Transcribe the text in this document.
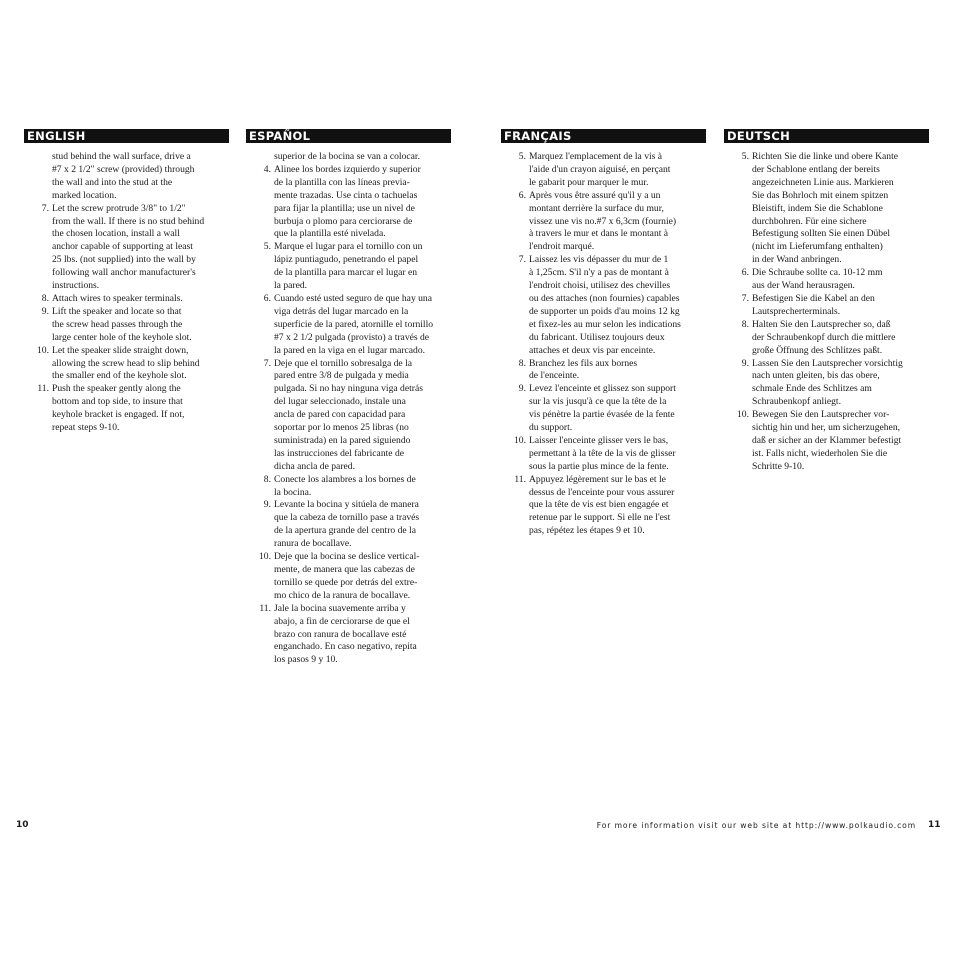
ENGLISH
stud behind the wall surface, drive a
#7 x 2 1/2" screw (provided) through
the wall and into the stud at the
marked location.
7. Let the screw protrude 3/8" to 1/2"
from the wall. If there is no stud behind
the chosen location, install a wall
anchor capable of supporting at least
25 lbs. (not supplied) into the wall by
following wall anchor manufacturer's
instructions.
8. Attach wires to speaker terminals.
9. Lift the speaker and locate so that
the screw head passes through the
large center hole of the keyhole slot.
10. Let the speaker slide straight down,
allowing the screw head to slip behind
the smaller end of the keyhole slot.
11. Push the speaker gently along the
bottom and top side, to insure that
keyhole bracket is engaged. If not,
repeat steps 9-10.
ESPAÑOL
superior de la bocina se van a colocar.
4. Alinee los bordes izquierdo y superior
de la plantilla con las líneas previa-
mente trazadas. Use cinta o tachuelas
para fijar la plantilla; use un nivel de
burbuja o plomo para cerciorarse de
que la plantilla esté nivelada.
5. Marque el lugar para el tornillo con un
lápiz puntiagudo, penetrando el papel
de la plantilla para marcar el lugar en
la pared.
6. Cuando esté usted seguro de que hay una
viga detrás del lugar marcado en la
superficie de la pared, atornille el tornillo
#7 x 2 1/2 pulgada (provisto) a través de
la pared en la viga en el lugar marcado.
7. Deje que el tornillo sobresalga de la
pared entre 3/8 de pulgada y media
pulgada. Si no hay ninguna viga detrás
del lugar seleccionado, instale una
ancla de pared con capacidad para
soportar por lo menos 25 libras (no
suministrada) en la pared siguiendo
las instrucciones del fabricante de
dicha ancla de pared.
8. Conecte los alambres a los bornes de
la bocina.
9. Levante la bocina y sitúela de manera
que la cabeza de tornillo pase a través
de la apertura grande del centro de la
ranura de bocallave.
10. Deje que la bocina se deslice vertical-
mente, de manera que las cabezas de
tornillo se quede por detrás del extre-
mo chico de la ranura de bocallave.
11. Jale la bocina suavemente arriba y
abajo, a fin de cerciorarse de que el
brazo con ranura de bocallave esté
enganchado. En caso negativo, repita
los pasos 9 y 10.
FRANÇAIS
5. Marquez l'emplacement de la vis à
l'aide d'un crayon aiguisé, en perçant
le gabarit pour marquer le mur.
6. Après vous être assuré qu'il y a un
montant derrière la surface du mur,
vissez une vis no.#7 x 6,3cm (fournie)
à travers le mur et dans le montant à
l'endroit marqué.
7. Laissez les vis dépasser du mur de 1
à 1,25cm. S'il n'y a pas de montant à
l'endroit choisi, utilisez des chevilles
ou des attaches (non fournies) capables
de supporter un poids d'au moins 12 kg
et fixez-les au mur selon les indications
du fabricant. Utilisez toujours deux
attaches et deux vis par enceinte.
8. Branchez les fils aux bornes
de l'enceinte.
9. Levez l'enceinte et glissez son support
sur la vis jusqu'à ce que la tête de la
vis pénètre la partie évasée de la fente
du support.
10. Laisser l'enceinte glisser vers le bas,
permettant à la tête de la vis de glisser
sous la partie plus mince de la fente.
11. Appuyez légèrement sur le bas et le
dessus de l'enceinte pour vous assurer
que la tête de vis est bien engagée et
retenue par le support. Si elle ne l'est
pas, répétez les étapes 9 et 10.
DEUTSCH
5. Richten Sie die linke und obere Kante
der Schablone entlang der bereits
angezeichneten Linie aus. Markieren
Sie das Bohrloch mit einem spitzen
Bleistift, indem Sie die Schablone
durchbohren. Für eine sichere
Befestigung sollten Sie einen Dübel
(nicht im Lieferumfang enthalten)
in der Wand anbringen.
6. Die Schraube sollte ca. 10-12 mm
aus der Wand herausragen.
7. Befestigen Sie die Kabel an den
Lautsprecherterminals.
8. Halten Sie den Lautsprecher so, daß
der Schraubenkopf durch die mittlere
große Öffnung des Schlitzes paßt.
9. Lassen Sie den Lautsprecher vorsichtig
nach unten gleiten, bis das obere,
schmale Ende des Schlitzes am
Schraubenkopf anliegt.
10. Bewegen Sie den Lautsprecher vor-
sichtig hin und her, um sicherzugehen,
daß er sicher an der Klammer befestigt
ist. Falls nicht, wiederholen Sie die
Schritte 9-10.
10	For more information visit our web site at http://www.polkaudio.com 11
